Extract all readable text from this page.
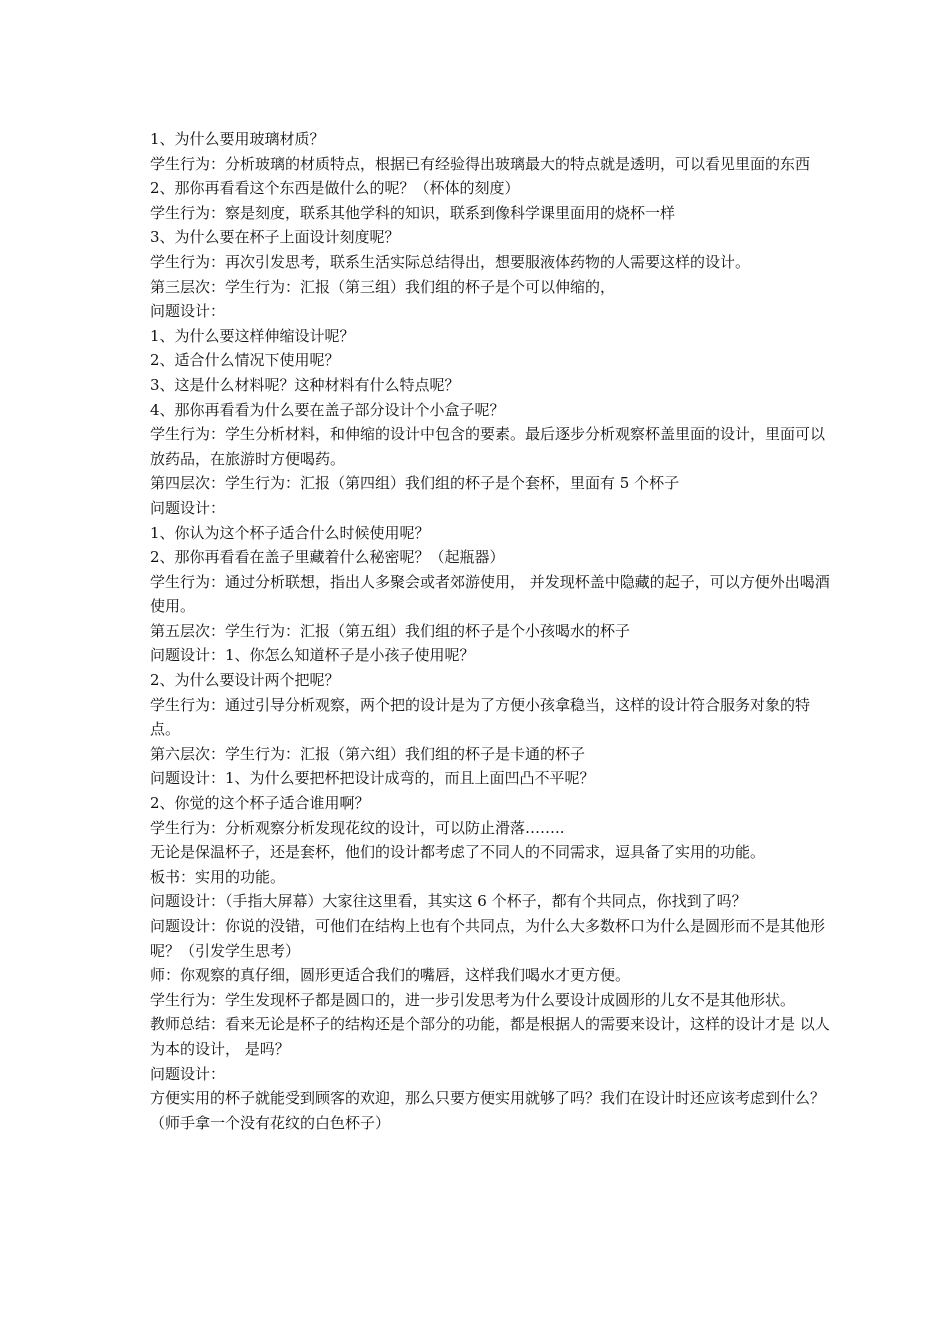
1、为什么要用玻璃材质？

学生行为：分析玻璃的材质特点，根据已有经验得出玻璃最大的特点就是透明，可以看见里面的东西

2、那你再看看这个东西是做什么的呢？（杯体的刻度）

学生行为：察是刻度，联系其他学科的知识，联系到像科学课里面用的烧杯一样

3、为什么要在杯子上面设计刻度呢？

学生行为：再次引发思考，联系生活实际总结得出，想要服液体药物的人需要这样的设计。

第三层次：学生行为：汇报（第三组）我们组的杯子是个可以伸缩的，

问题设计：

1、为什么要这样伸缩设计呢？

2、适合什么情况下使用呢？

3、这是什么材料呢？这种材料有什么特点呢？

4、那你再看看为什么要在盖子部分设计个小盒子呢？

学生行为：学生分析材料，和伸缩的设计中包含的要素。最后逐步分析观察杯盖里面的设计，里面可以放药品，在旅游时方便喝药。

第四层次：学生行为：汇报（第四组）我们组的杯子是个套杯，里面有 5 个杯子

问题设计：

1、你认为这个杯子适合什么时候使用呢？

2、那你再看看在盖子里藏着什么秘密呢？（起瓶器）

学生行为：通过分析联想，指出人多聚会或者郊游使用， 并发现杯盖中隐藏的起子，可以方便外出喝酒使用。

第五层次：学生行为：汇报（第五组）我们组的杯子是个小孩喝水的杯子

问题设计：1、你怎么知道杯子是小孩子使用呢？

2、为什么要设计两个把呢？

学生行为：通过引导分析观察，两个把的设计是为了方便小孩拿稳当，这样的设计符合服务对象的特点。

第六层次：学生行为：汇报（第六组）我们组的杯子是卡通的杯子

问题设计：1、为什么要把杯把设计成弯的，而且上面凹凸不平呢？

2、你觉的这个杯子适合谁用啊？

学生行为：分析观察分析发现花纹的设计，可以防止滑落……..

无论是保温杯子，还是套杯，他们的设计都考虑了不同人的不同需求，逗具备了实用的功能。

板书：实用的功能。

问题设计：（手指大屏幕）大家往这里看，其实这 6 个杯子，都有个共同点，你找到了吗？

问题设计：你说的没错，可他们在结构上也有个共同点，为什么大多数杯口为什么是圆形而不是其他形呢？（引发学生思考）

师：你观察的真仔细，圆形更适合我们的嘴唇，这样我们喝水才更方便。

学生行为：学生发现杯子都是圆口的，进一步引发思考为什么要设计成圆形的儿女不是其他形状。

教师总结：看来无论是杯子的结构还是个部分的功能，都是根据人的需要来设计，这样的设计才是 以人为本的设计， 是吗？

问题设计：

方便实用的杯子就能受到顾客的欢迎，那么只要方便实用就够了吗？我们在设计时还应该考虑到什么？ （师手拿一个没有花纹的白色杯子）
